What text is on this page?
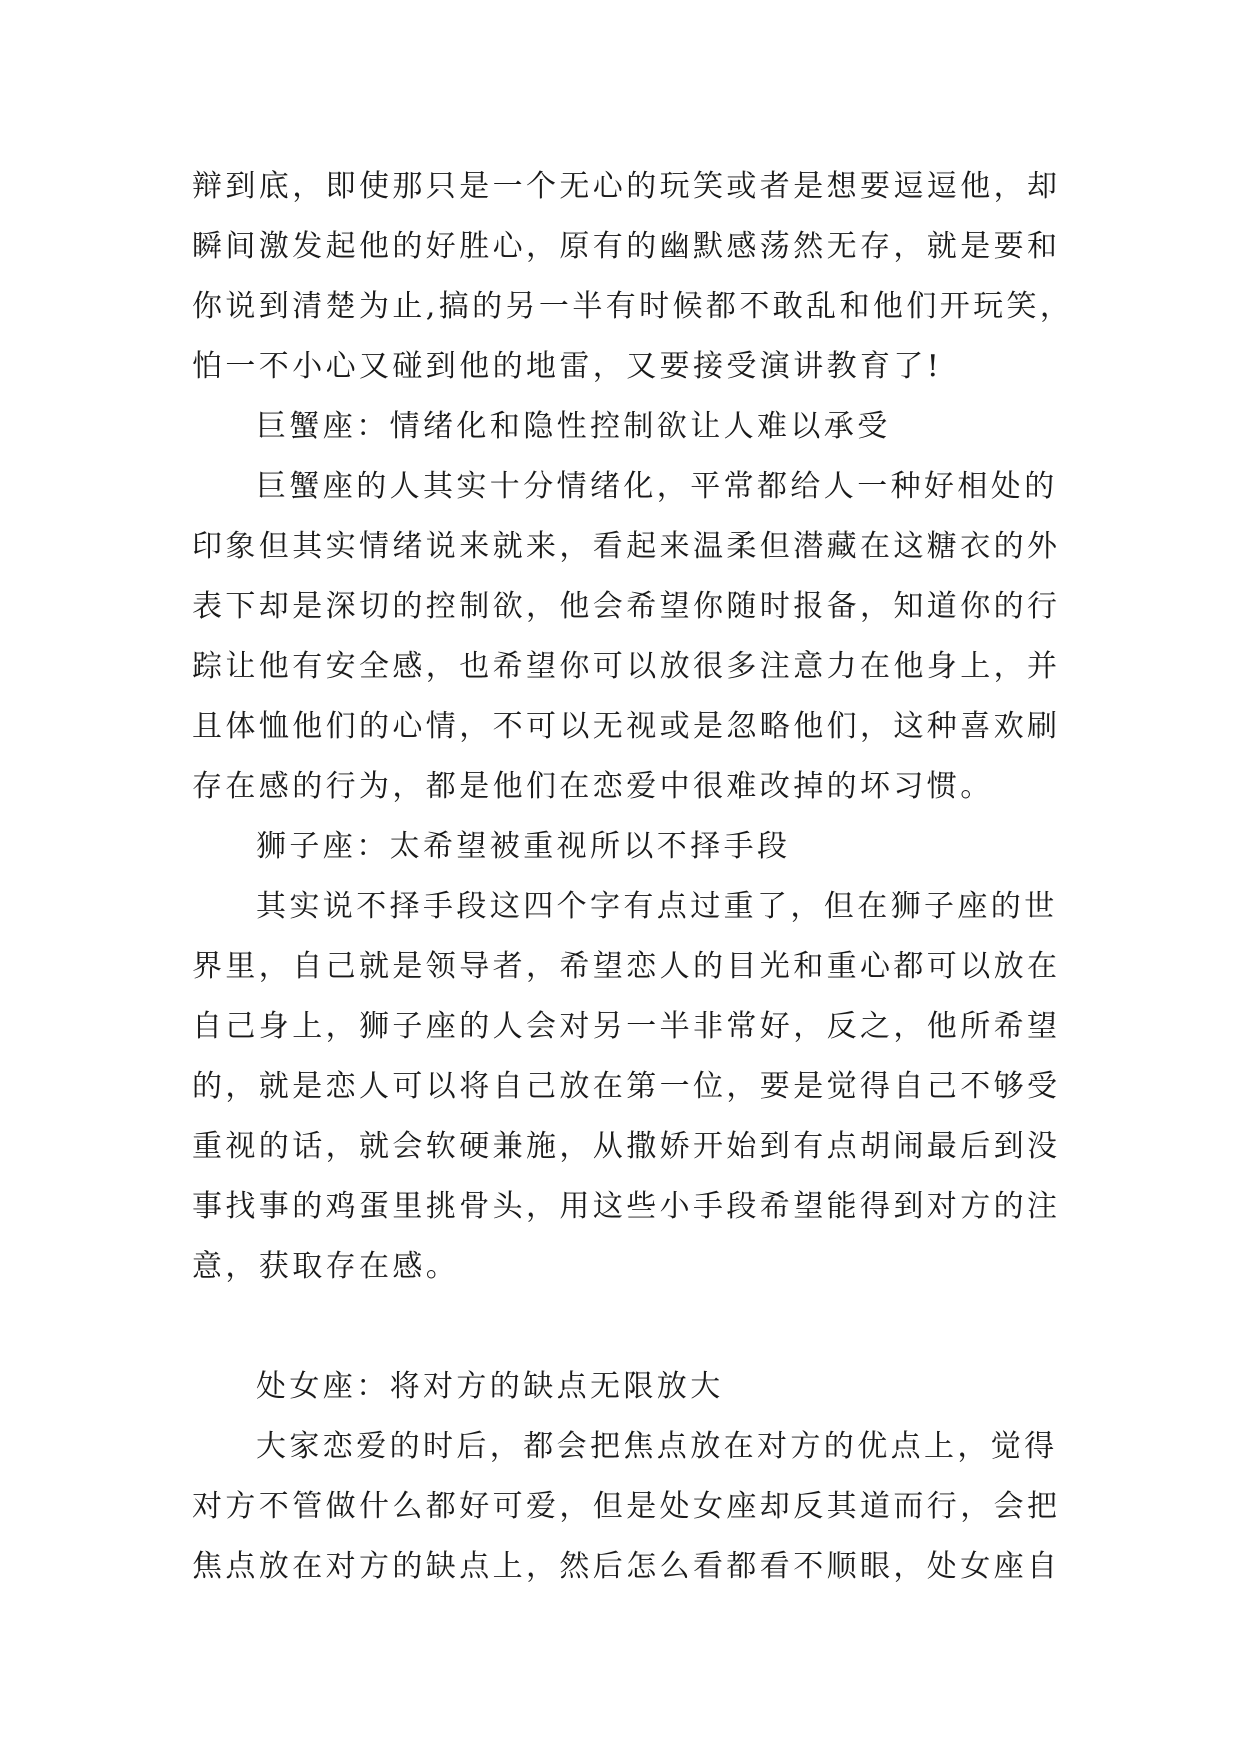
辩到底，即使那只是一个无心的玩笑或者是想要逗逗他，却
瞬间激发起他的好胜心，原有的幽默感荡然无存，就是要和
你说到清楚为止,搞的另一半有时候都不敢乱和他们开玩笑，
怕一不小心又碰到他的地雷，又要接受演讲教育了!
巨蟹座：情绪化和隐性控制欲让人难以承受
巨蟹座的人其实十分情绪化，平常都给人一种好相处的
印象但其实情绪说来就来，看起来温柔但潜藏在这糖衣的外
表下却是深切的控制欲，他会希望你随时报备，知道你的行
踪让他有安全感，也希望你可以放很多注意力在他身上，并
且体恤他们的心情，不可以无视或是忽略他们，这种喜欢刷
存在感的行为，都是他们在恋爱中很难改掉的坏习惯。
狮子座：太希望被重视所以不择手段
其实说不择手段这四个字有点过重了，但在狮子座的世
界里，自己就是领导者，希望恋人的目光和重心都可以放在
自己身上，狮子座的人会对另一半非常好，反之，他所希望
的，就是恋人可以将自己放在第一位，要是觉得自己不够受
重视的话，就会软硬兼施，从撒娇开始到有点胡闹最后到没
事找事的鸡蛋里挑骨头，用这些小手段希望能得到对方的注
意，获取存在感。
处女座：将对方的缺点无限放大
大家恋爱的时后，都会把焦点放在对方的优点上，觉得
对方不管做什么都好可爱，但是处女座却反其道而行，会把
焦点放在对方的缺点上，然后怎么看都看不顺眼，处女座自
